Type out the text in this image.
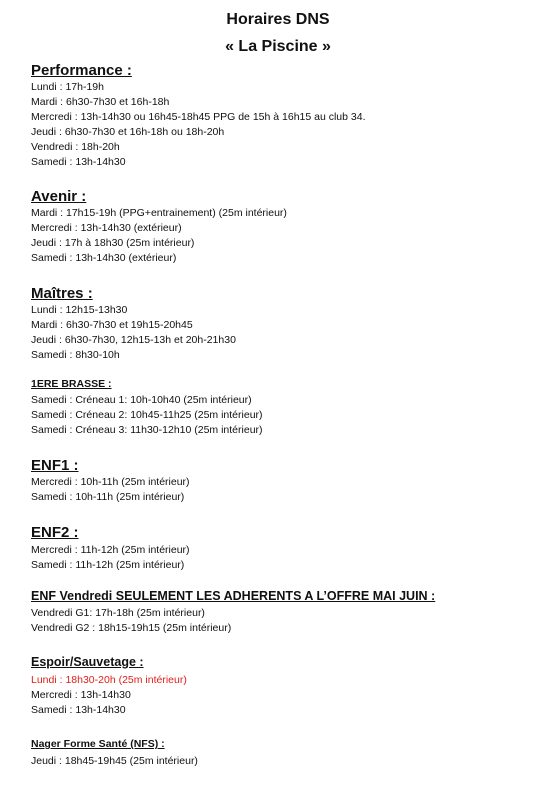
Horaires DNS
« La Piscine »
Performance :
Lundi : 17h-19h
Mardi : 6h30-7h30 et 16h-18h
Mercredi : 13h-14h30 ou 16h45-18h45 PPG de 15h à 16h15 au club 34.
Jeudi : 6h30-7h30 et 16h-18h ou 18h-20h
Vendredi : 18h-20h
Samedi : 13h-14h30
Avenir :
Mardi : 17h15-19h (PPG+entrainement) (25m intérieur)
Mercredi : 13h-14h30 (extérieur)
Jeudi : 17h à 18h30 (25m intérieur)
Samedi : 13h-14h30 (extérieur)
Maîtres :
Lundi : 12h15-13h30
Mardi : 6h30-7h30 et 19h15-20h45
Jeudi : 6h30-7h30, 12h15-13h et 20h-21h30
Samedi : 8h30-10h
1ERE BRASSE :
Samedi : Créneau 1: 10h-10h40 (25m intérieur)
Samedi : Créneau 2: 10h45-11h25 (25m intérieur)
Samedi : Créneau 3: 11h30-12h10 (25m intérieur)
ENF1 :
Mercredi : 10h-11h (25m intérieur)
Samedi : 10h-11h (25m intérieur)
ENF2 :
Mercredi : 11h-12h (25m intérieur)
Samedi : 11h-12h (25m intérieur)
ENF Vendredi SEULEMENT LES ADHERENTS A L’OFFRE MAI JUIN :
Vendredi G1: 17h-18h (25m intérieur)
Vendredi G2 : 18h15-19h15 (25m intérieur)
Espoir/Sauvetage :
Lundi : 18h30-20h (25m intérieur)
Mercredi : 13h-14h30
Samedi : 13h-14h30
Nager Forme Santé (NFS) :
Jeudi : 18h45-19h45 (25m intérieur)
